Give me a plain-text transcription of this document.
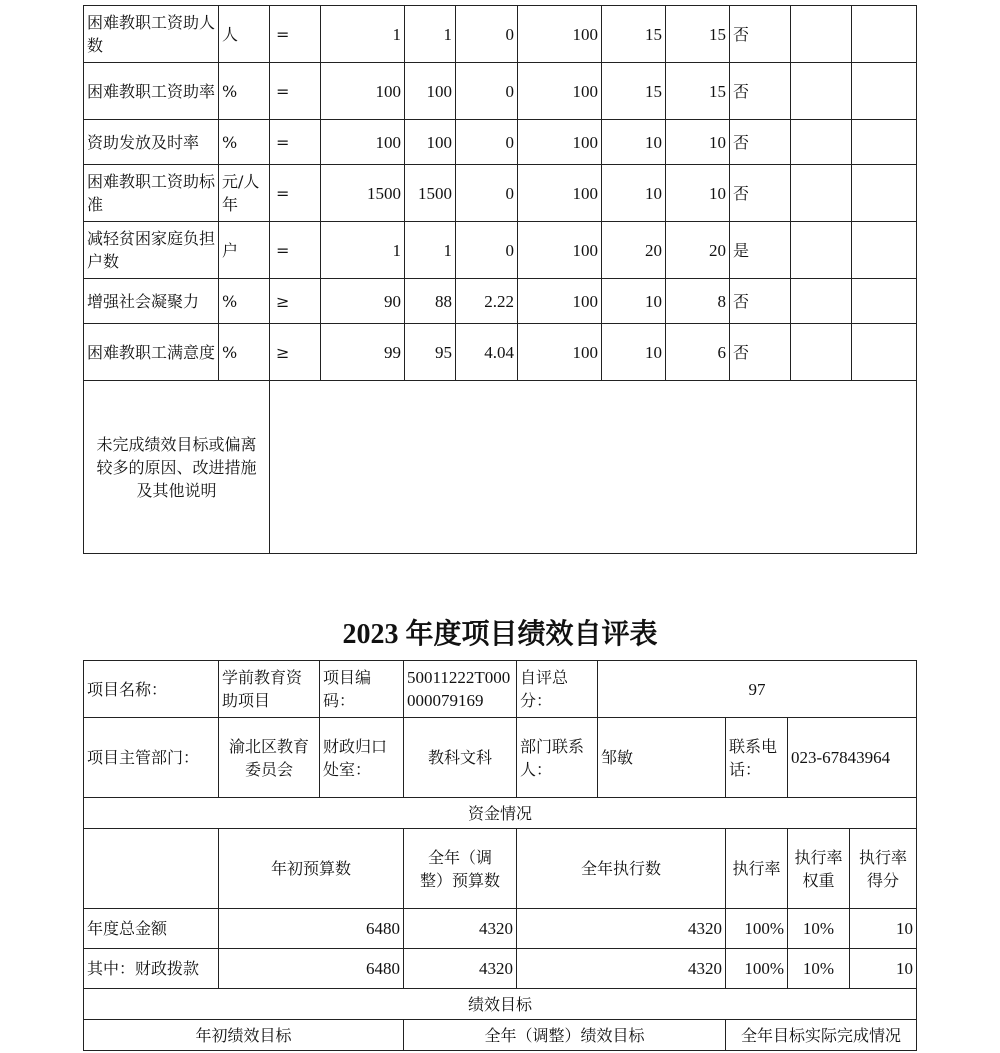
困难教职工资助人数	人	=	1	1	0	100	15	15	否		
困难教职工资助率	%	=	100	100	0	100	15	15	否		
资助发放及时率	%	=	100	100	0	100	10	10	否		
困难教职工资助标准	元/人年	=	1500	1500	0	100	10	10	否		
减轻贫困家庭负担户数	户	=	1	1	0	100	20	20	是		
增强社会凝聚力	%	≥	90	88	2.22	100	10	8	否		
困难教职工满意度	%	≥	99	95	4.04	100	10	6	否		
未完成绩效目标或偏离较多的原因、改进措施及其他说明											
2023 年度项目绩效自评表
项目名称：	学前教育资助项目	项目编码：	50011222T000000079169	自评总分：	97			
项目主管部门：	渝北区教育委员会	财政归口处室：	教科文科	部门联系人：	邹敏	联系电话：	023-67843964	
资金情况								
	年初预算数		全年（调整）预算数	全年执行数		执行率	执行率权重	执行率得分
年度总金额	6480		4320	4320		100%	10%	10
其中：财政拨款	6480		4320	4320		100%	10%	10
绩效目标								
年初绩效目标			全年（调整）绩效目标			全年目标实际完成情况		
